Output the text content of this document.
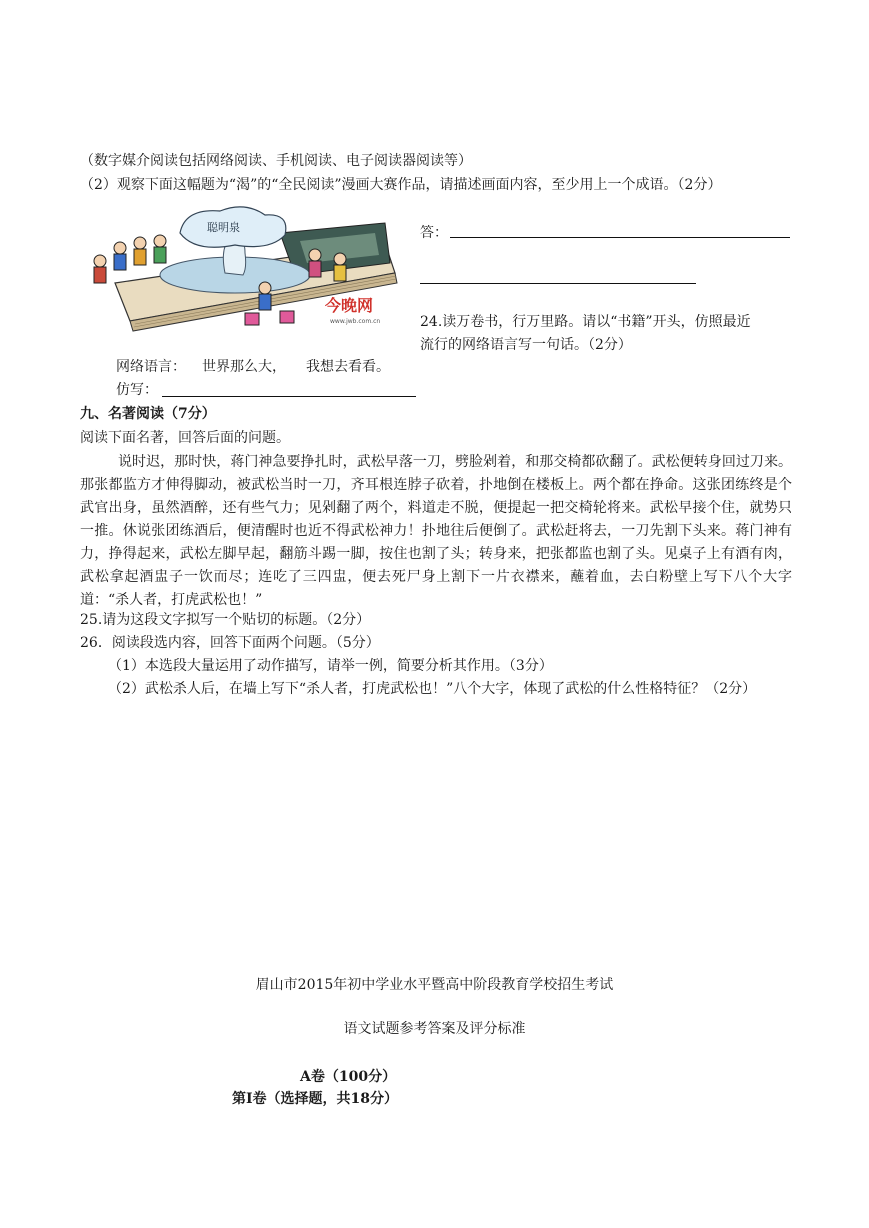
（数字媒介阅读包括网络阅读、手机阅读、电子阅读器阅读等）
（2）观察下面这幅题为“渴”的“全民阅读”漫画大赛作品，请描述画面内容，至少用上一个成语。（2分）
聪明泉
今晚网
www.jwb.com.cn
答：
24.读万卷书，行万里路。请以“书籍”开头，仿照最近
流行的网络语言写一句话。（2分）
网络语言： 世界那么大， 我想去看看。
仿写：
九、名著阅读（7分）
阅读下面名著，回答后面的问题。
说时迟，那时快，蒋门神急要挣扎时，武松早落一刀，劈脸剁着，和那交椅都砍翻了。武松便转身回过刀来。那张都监方才伸得脚动，被武松当时一刀，齐耳根连脖子砍着，扑地倒在楼板上。两个都在挣命。这张团练终是个武官出身，虽然酒醉，还有些气力；见剁翻了两个，料道走不脱，便提起一把交椅轮将来。武松早接个住，就势只一推。休说张团练酒后，便清醒时也近不得武松神力！扑地往后便倒了。武松赶将去，一刀先割下头来。蒋门神有力，挣得起来，武松左脚早起，翻筋斗踢一脚，按住也割了头；转身来，把张都监也割了头。见桌子上有酒有肉，武松拿起酒盅子一饮而尽；连吃了三四盅，便去死尸身上割下一片衣襟来，蘸着血，去白粉壁上写下八个大字道：“杀人者，打虎武松也！”
25.请为这段文字拟写一个贴切的标题。（2分）
26．阅读段选内容，回答下面两个问题。（5分）
（1）本选段大量运用了动作描写，请举一例，简要分析其作用。（3分）
（2）武松杀人后，在墙上写下“杀人者，打虎武松也！”八个大字，体现了武松的什么性格特征？（2分）
眉山市2015年初中学业水平暨高中阶段教育学校招生考试
语文试题参考答案及评分标准
A卷（100分）
第Ⅰ卷（选择题，共18分）
